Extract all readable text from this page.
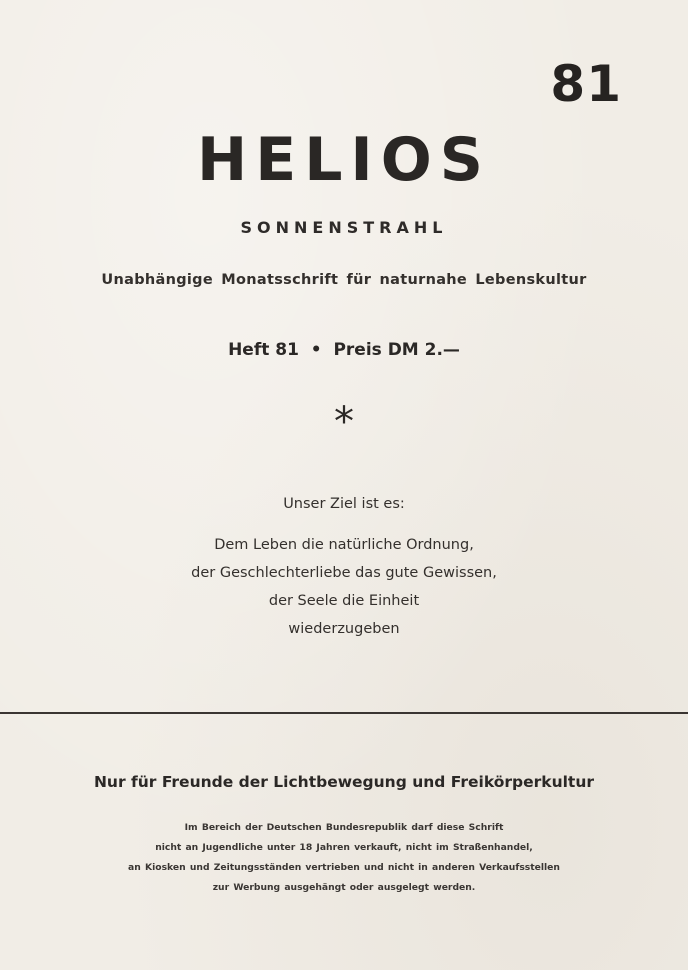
81
HELIOS
SONNENSTRAHL
Unabhängige Monatsschrift für naturnahe Lebenskultur
Heft 81  •  Preis DM 2.—
*
Unser Ziel ist es:
Dem Leben die natürliche Ordnung,
der Geschlechterliebe das gute Gewissen,
der Seele die Einheit
wiederzugeben
Nur für Freunde der Lichtbewegung und Freikörperkultur
Im Bereich der Deutschen Bundesrepublik darf diese Schrift
nicht an Jugendliche unter 18 Jahren verkauft, nicht im Straßenhandel,
an Kiosken und Zeitungsständen vertrieben und nicht in anderen Verkaufsstellen
zur Werbung ausgehängt oder ausgelegt werden.
